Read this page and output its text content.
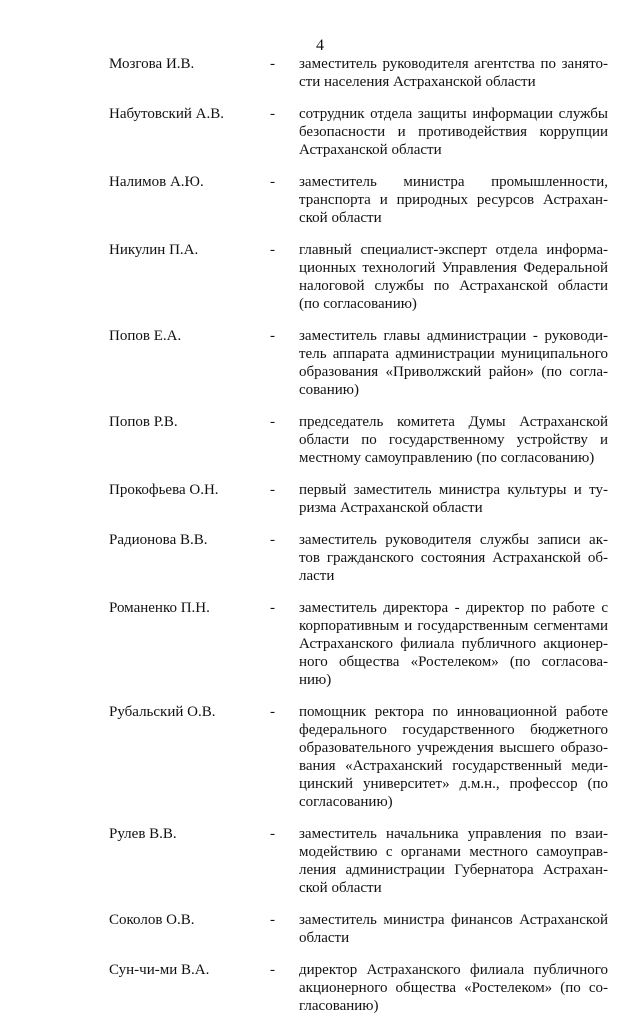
4
Мозгова И.В.	- заместитель руководителя агентства по занято-
сти населения Астраханской области
Набутовский А.В.	- сотрудник отдела защиты информации службы
безопасности и противодействия коррупции
Астраханской области
Налимов А.Ю.	- заместитель министра промышленности,
транспорта и природных ресурсов Астрахан-
ской области
Никулин П.А.	- главный специалист-эксперт отдела информа-
ционных технологий Управления Федеральной
налоговой службы по Астраханской области
(по согласованию)
Попов Е.А.	- заместитель главы администрации - руководи-
тель аппарата администрации муниципального
образования «Приволжский район» (по согла-
сованию)
Попов Р.В.	- председатель комитета Думы Астраханской
области по государственному устройству и
местному самоуправлению (по согласованию)
Прокофьева О.Н.	- первый заместитель министра культуры и ту-
ризма Астраханской области
Радионова В.В.	- заместитель руководителя службы записи ак-
тов гражданского состояния Астраханской об-
ласти
Романенко П.Н.	- заместитель директора - директор по работе с
корпоративным и государственным сегментами
Астраханского филиала публичного акционер-
ного общества «Ростелеком» (по согласова-
нию)
Рубальский О.В.	- помощник ректора по инновационной работе
федерального государственного бюджетного
образовательного учреждения высшего образо-
вания «Астраханский государственный меди-
цинский университет» д.м.н., профессор (по
согласованию)
Рулев В.В.	- заместитель начальника управления по взаи-
модействию с органами местного самоуправ-
ления администрации Губернатора Астрахан-
ской области
Соколов О.В.	- заместитель министра финансов Астраханской
области
Сун-чи-ми В.А.	- директор Астраханского филиала публичного
акционерного общества «Ростелеком» (по со-
гласованию)
